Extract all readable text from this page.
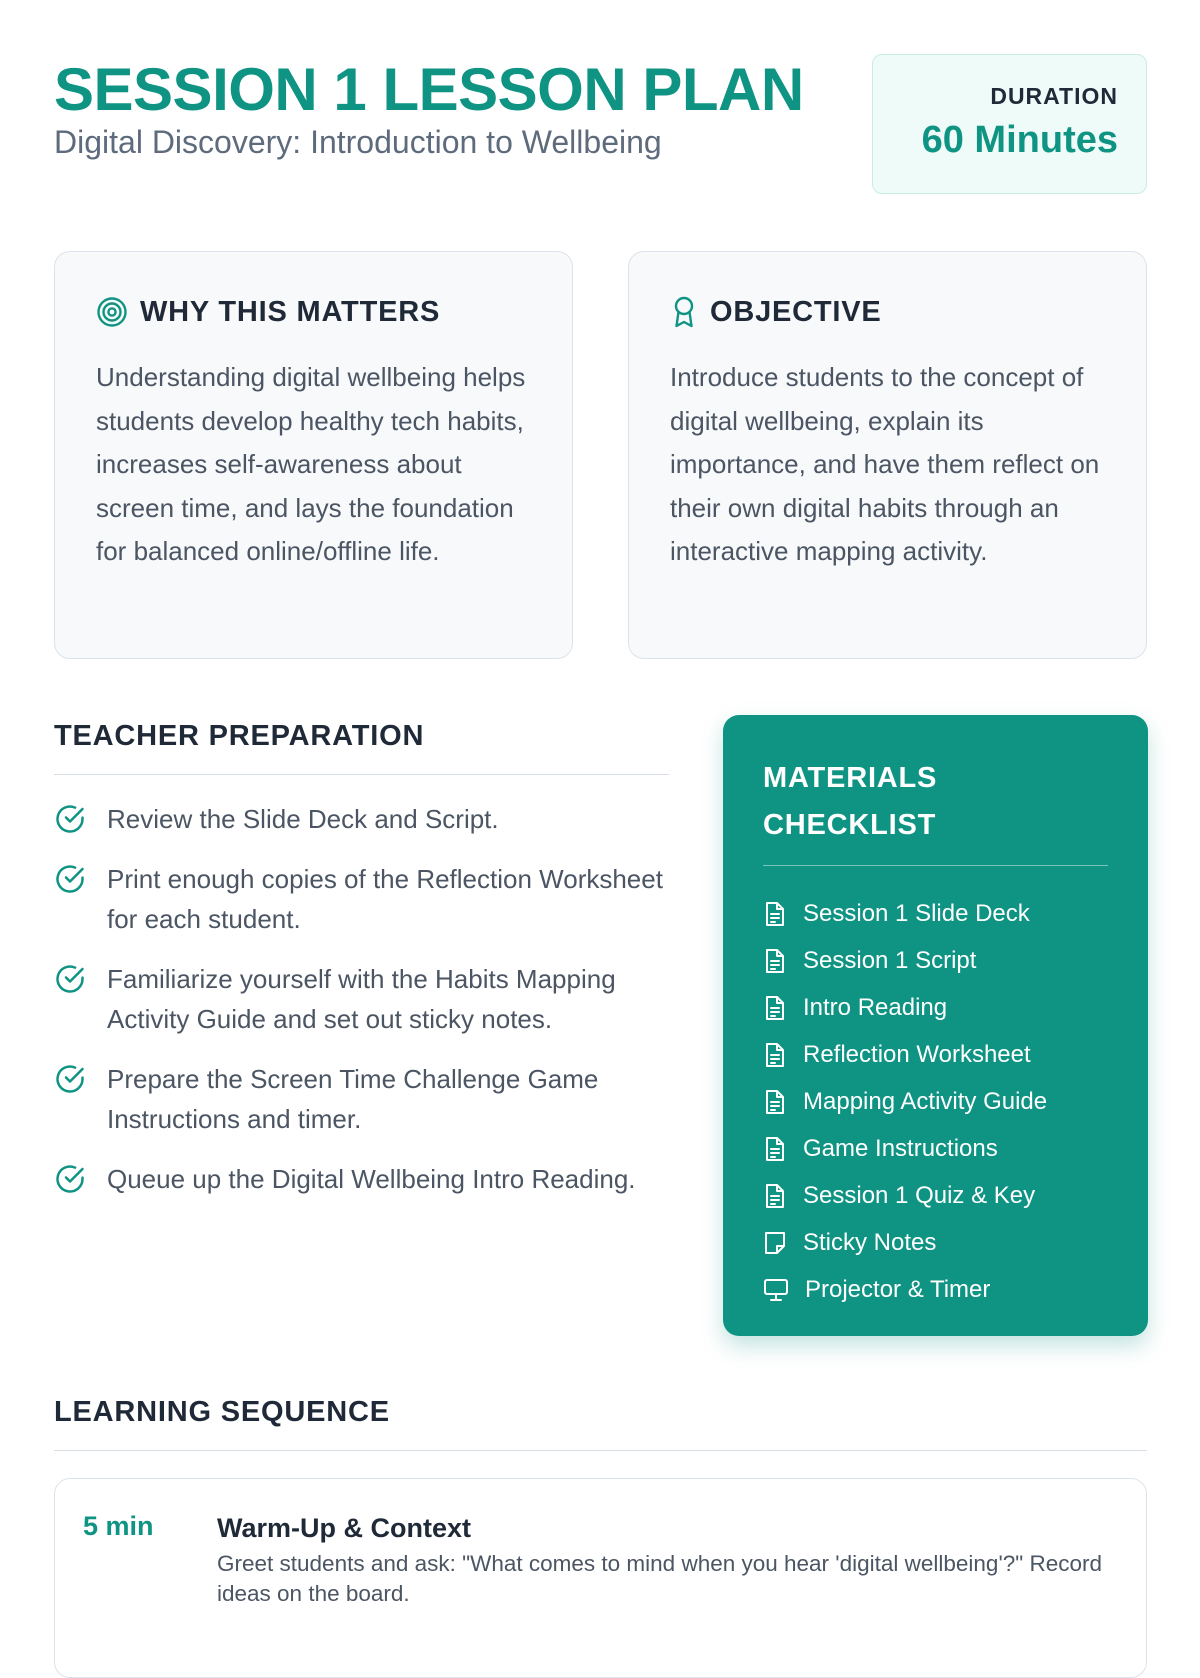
SESSION 1 LESSON PLAN
Digital Discovery: Introduction to Wellbeing
DURATION
60 Minutes
WHY THIS MATTERS
Understanding digital wellbeing helps students develop healthy tech habits, increases self-awareness about screen time, and lays the foundation for balanced online/offline life.
OBJECTIVE
Introduce students to the concept of digital wellbeing, explain its importance, and have them reflect on their own digital habits through an interactive mapping activity.
TEACHER PREPARATION
Review the Slide Deck and Script.
Print enough copies of the Reflection Worksheet for each student.
Familiarize yourself with the Habits Mapping Activity Guide and set out sticky notes.
Prepare the Screen Time Challenge Game Instructions and timer.
Queue up the Digital Wellbeing Intro Reading.
MATERIALS CHECKLIST
Session 1 Slide Deck
Session 1 Script
Intro Reading
Reflection Worksheet
Mapping Activity Guide
Game Instructions
Session 1 Quiz & Key
Sticky Notes
Projector & Timer
LEARNING SEQUENCE
5 min Warm-Up & Context
Greet students and ask: "What comes to mind when you hear 'digital wellbeing'?" Record ideas on the board.
